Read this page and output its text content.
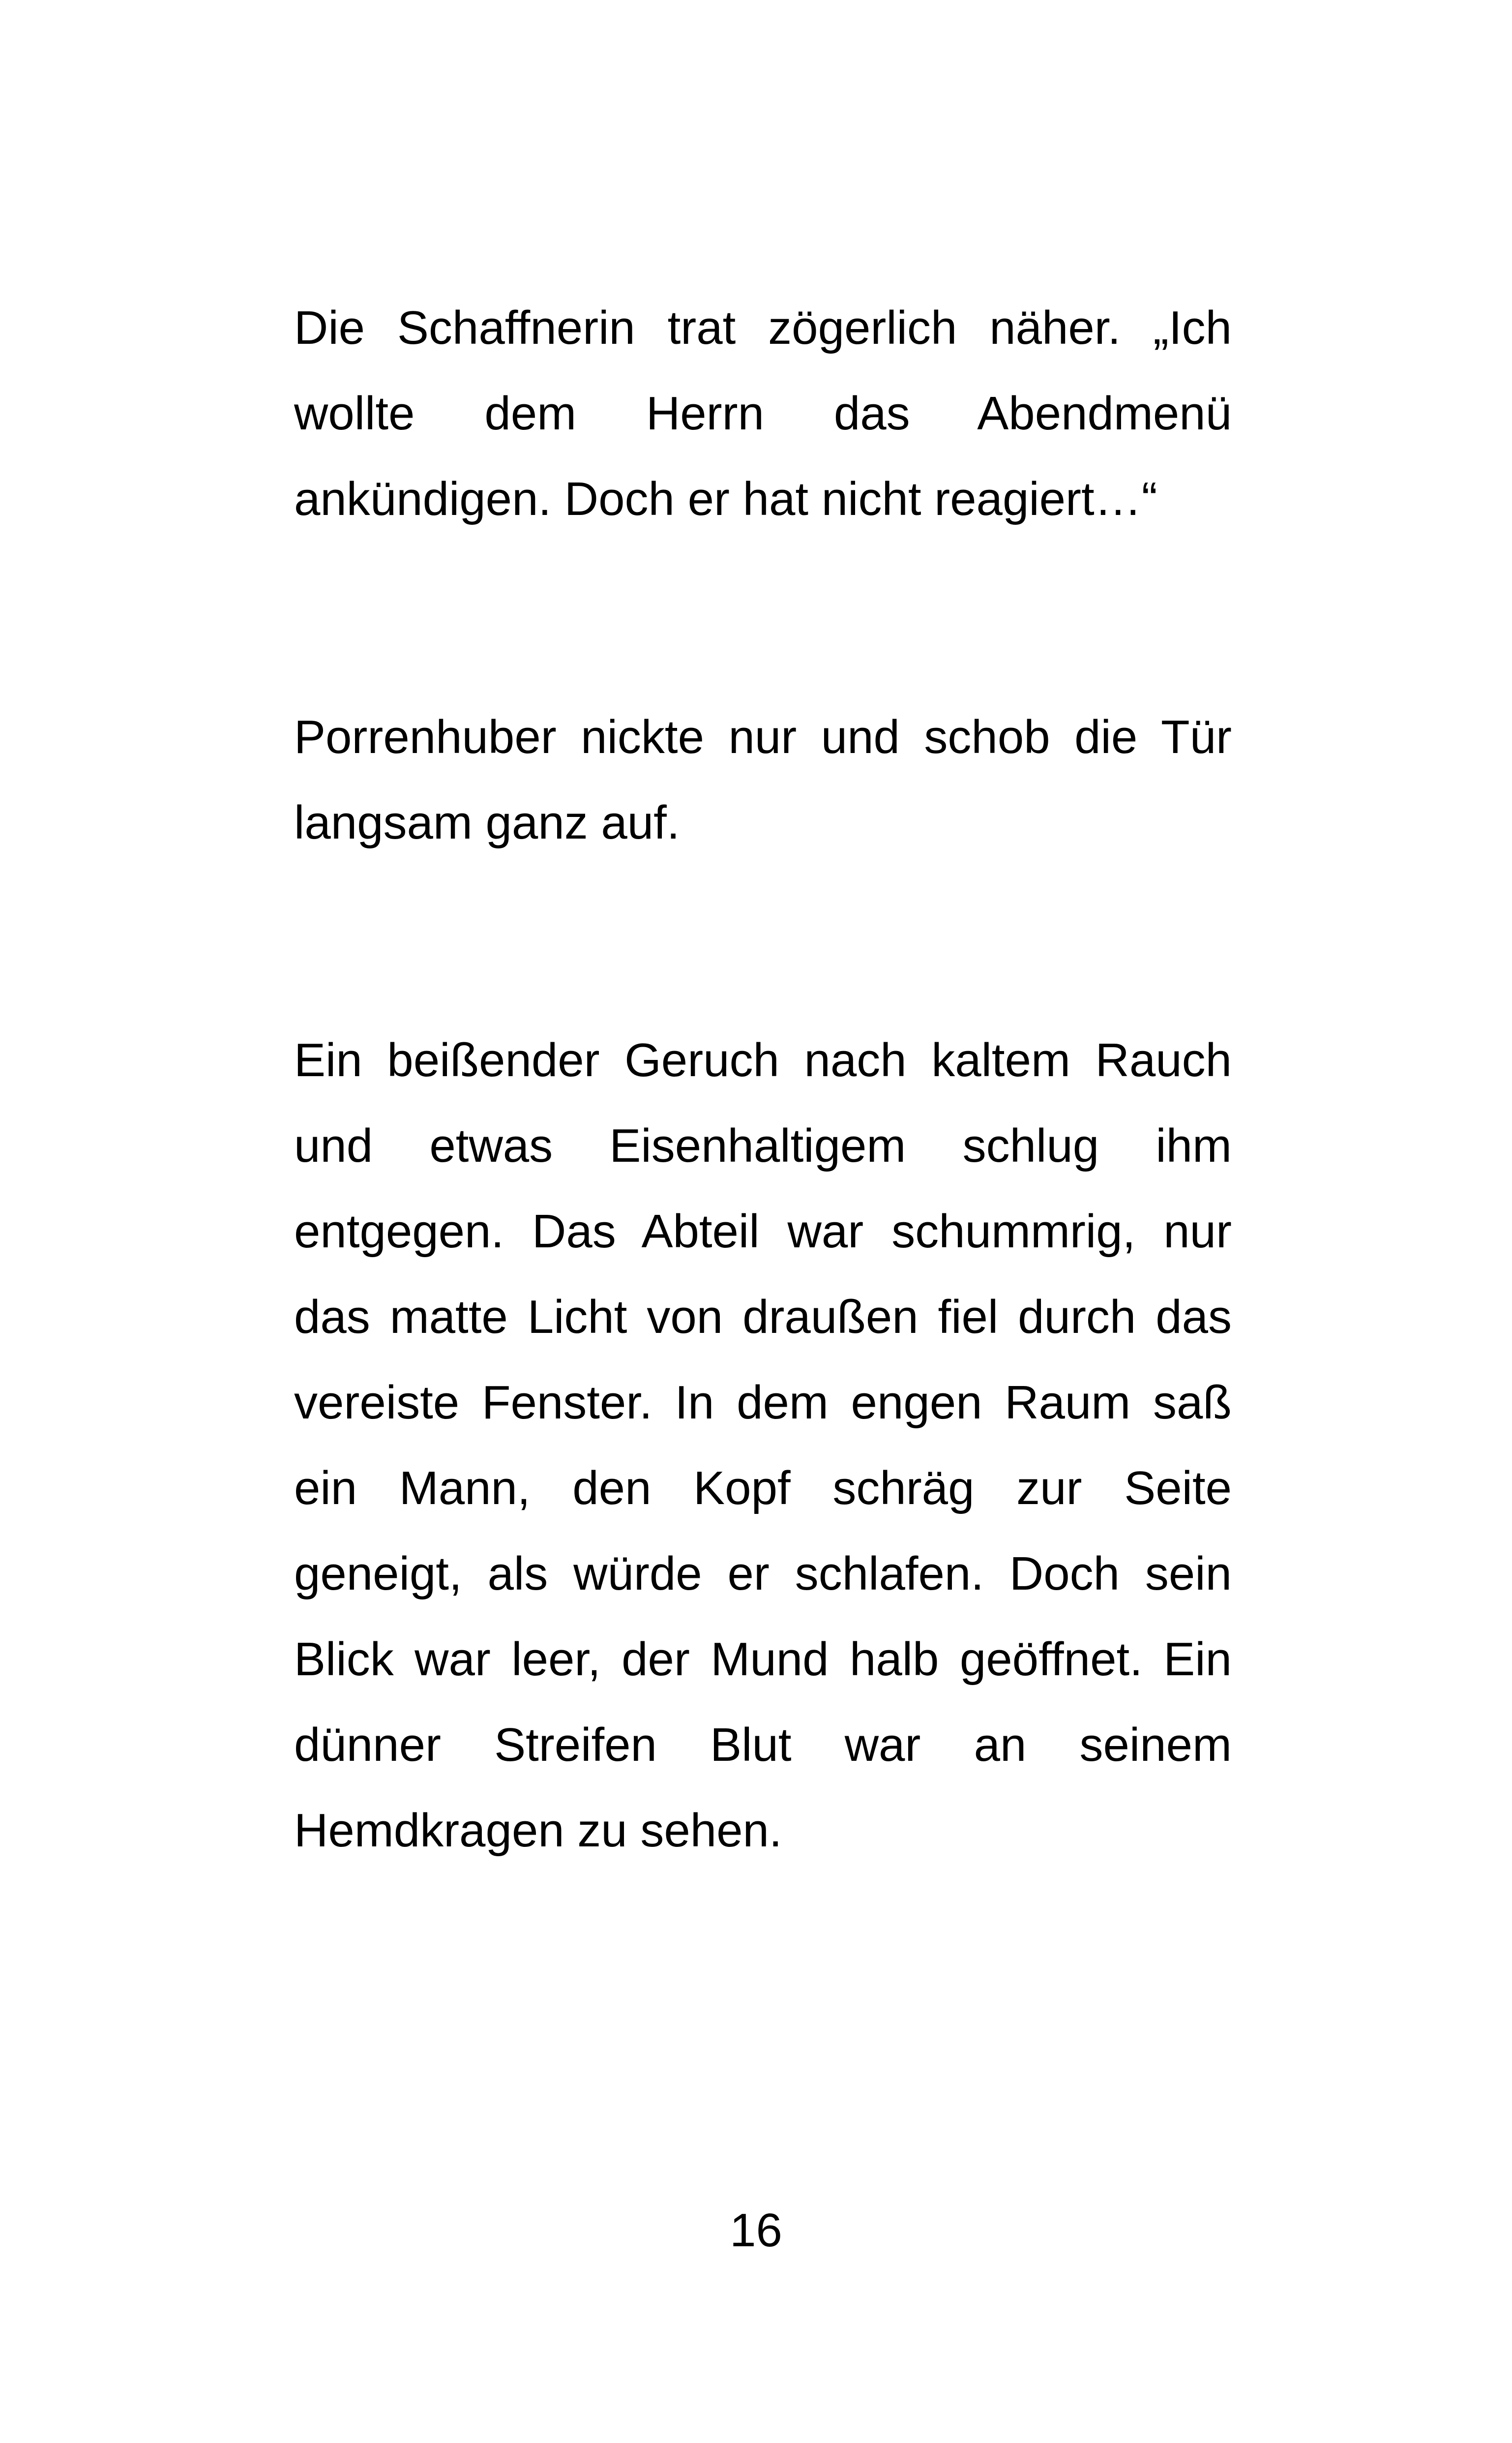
Die Schaffnerin trat zögerlich näher. „Ich wollte dem Herrn das Abendmenü ankündigen. Doch er hat nicht reagiert…“

Porrenhuber nickte nur und schob die Tür langsam ganz auf.

Ein beißender Geruch nach kaltem Rauch und etwas Eisenhaltigem schlug ihm entgegen. Das Abteil war schummrig, nur das matte Licht von draußen fiel durch das vereiste Fenster. In dem engen Raum saß ein Mann, den Kopf schräg zur Seite geneigt, als würde er schlafen. Doch sein Blick war leer, der Mund halb geöffnet. Ein dünner Streifen Blut war an seinem Hemdkragen zu sehen.

16
